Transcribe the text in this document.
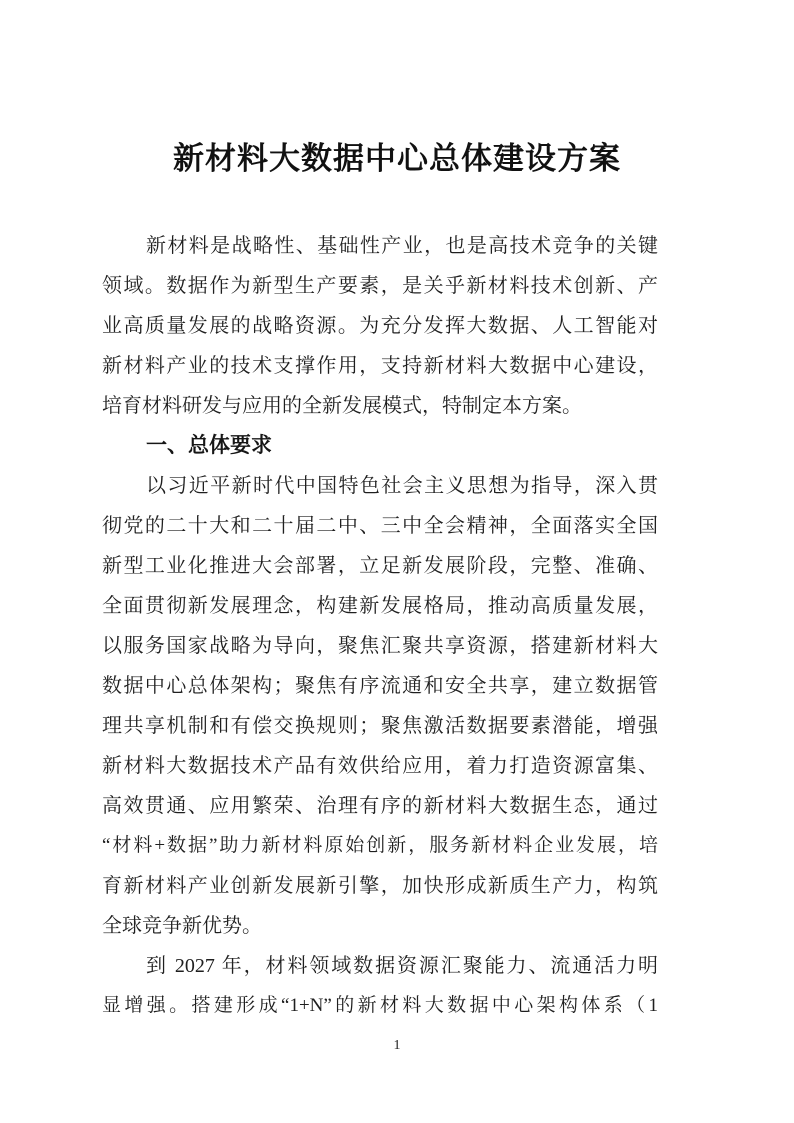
新材料大数据中心总体建设方案

新材料是战略性、基础性产业，也是高技术竞争的关键

领域。数据作为新型生产要素，是关乎新材料技术创新、产

业高质量发展的战略资源。为充分发挥大数据、人工智能对

新材料产业的技术支撑作用，支持新材料大数据中心建设，

培育材料研发与应用的全新发展模式，特制定本方案。

一、总体要求

以习近平新时代中国特色社会主义思想为指导，深入贯

彻党的二十大和二十届二中、三中全会精神，全面落实全国

新型工业化推进大会部署，立足新发展阶段，完整、准确、

全面贯彻新发展理念，构建新发展格局，推动高质量发展，

以服务国家战略为导向，聚焦汇聚共享资源，搭建新材料大

数据中心总体架构；聚焦有序流通和安全共享，建立数据管

理共享机制和有偿交换规则；聚焦激活数据要素潜能，增强

新材料大数据技术产品有效供给应用，着力打造资源富集、

高效贯通、应用繁荣、治理有序的新材料大数据生态，通过

“材料+数据”助力新材料原始创新，服务新材料企业发展，培

育新材料产业创新发展新引擎，加快形成新质生产力，构筑

全球竞争新优势。

到 2027 年，材料领域数据资源汇聚能力、流通活力明

显增强。搭建形成“1+N”的新材料大数据中心架构体系（1

1
